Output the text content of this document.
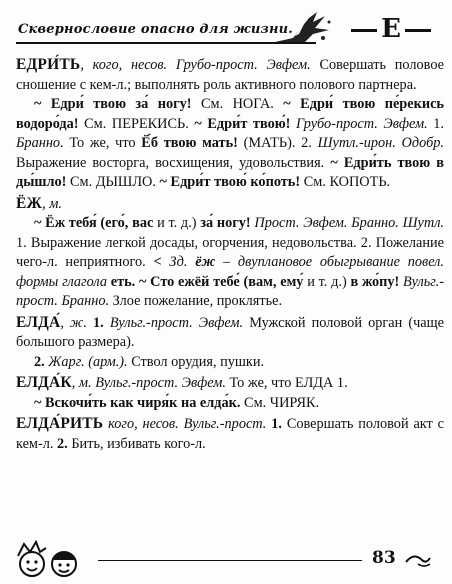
Сквернословие опасно для жизни.	Е

ЕДРИ́ТЬ, кого, несов. Грубо-прост. Эвфем. Совершать половое сношение с кем-л.; выполнять роль активного полового партнера.

~ Едри́ твою за́ ногу! См. НОГА. ~ Едри́ твою пе́рекись водоро́да! См. ПЕРЕКИСЬ. ~ Едри́т твою́! Грубо-прост. Эвфем. 1. Бранно. То же, что Ё́б твою мать! (МАТЬ). 2. Шутл.-ирон. Одобр. Выражение восторга, восхищения, удовольствия. ~ Едри́ть твою в ды́шло! См. ДЫШЛО. ~ Едри́т твою́ ко́поть! См. КОПОТЬ.

ЁЖ, м.

~ Ёж тебя́ (его́, вас и т. д.) за́ ногу! Прост. Эвфем. Бранно. Шутл. 1. Выражение легкой досады, огорчения, недовольства. 2. Пожелание чего-л. неприятного. < Зд. ёж – двуплановое обыгрывание повел. формы глагола еть. ~ Сто ежёй тебе́ (вам, ему́ и т. д.) в жо́пу! Вульг.-прост. Бранно. Злое пожелание, проклятье.

ЕЛДА́, ж. 1. Вульг.-прост. Эвфем. Мужской половой орган (чаще большого размера).

2. Жарг. (арм.). Ствол орудия, пушки.

ЕЛДА́К, м. Вульг.-прост. Эвфем. То же, что ЕЛДА 1.

~ Вскочи́ть как чиря́к на елда́к. См. ЧИРЯК.

ЕЛДА́РИТЬ кого, несов. Вульг.-прост. 1. Совершать половой акт с кем-л. 2. Бить, избивать кого-л.

83
